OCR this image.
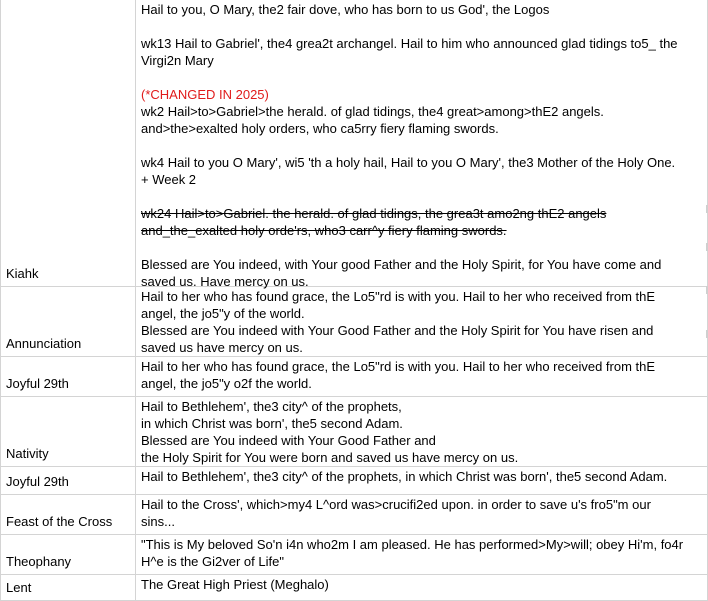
Kiahk
Hail to you, O Mary, the2 fair dove, who has born to us God', the Logos
wk13 Hail to Gabriel', the4 grea2t archangel. Hail to him who announced glad tidings to5_ the
Virgi2n Mary
(*CHANGED IN 2025)
wk2 Hail>to>Gabriel>the herald. of glad tidings, the4 great>among>thE2 angels.
and>the>exalted holy orders, who ca5rry fiery flaming swords.
wk4 Hail to you O Mary', wi5 'th a holy hail, Hail to you O Mary', the3 Mother of the Holy One.
+ Week 2
wk24 Hail>to>Gabriel. the herald. of glad tidings, the grea3t amo2ng thE2 angels
and_the_exalted holy orde'rs, who3 carr^y fiery flaming swords.
Blessed are You indeed, with Your good Father and the Holy Spirit, for You have come and
saved us. Have mercy on us.
Annunciation
Hail to her who has found grace, the Lo5"rd is with you. Hail to her who received from thE
angel, the jo5"y of the world.
Blessed are You indeed with Your Good Father and the Holy Spirit for You have risen and
saved us have mercy on us.
Joyful 29th
Hail to her who has found grace, the Lo5"rd is with you. Hail to her who received from thE
angel, the jo5"y o2f the world.
Nativity
Hail to Bethlehem', the3 city^ of the prophets,
in which Christ was born', the5 second Adam.
Blessed are You indeed with Your Good Father and
the Holy Spirit for You were born and saved us have mercy on us.
Joyful 29th	Hail to Bethlehem', the3 city^ of the prophets, in which Christ was born', the5 second Adam.
Feast of the Cross
Hail to the Cross', which>my4 L^ord was>crucifi2ed upon. in order to save u's fro5"m our
sins...
Theophany
"This is My beloved So'n i4n who2m I am pleased. He has performed>My>will; obey Hi'm, fo4r
H^e is the Gi2ver of Life"
Lent	The Great High Priest (Meghalo)
